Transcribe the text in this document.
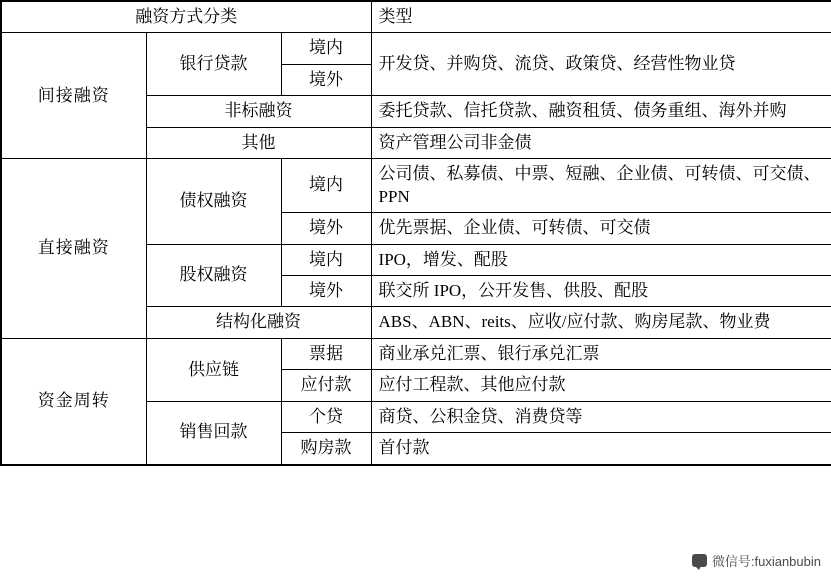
融资方式分类			类型
间接融资	银行贷款	境内	开发贷、并购贷、流贷、政策贷、经营性物业贷
		境外	

	非标融资		委托贷款、信托贷款、融资租赁、债务重组、海外并购
	其他		资产管理公司非金债
直接融资	债权融资	境内	公司债、私募债、中票、短融、企业债、可转债、可交债、PPN
		境外	优先票据、企业债、可转债、可交债
	股权融资	境内	IPO，增发、配股
		境外	联交所 IPO，公开发售、供股、配股
	结构化融资		ABS、ABN、reits、应收/应付款、购房尾款、物业费
资金周转	供应链	票据	商业承兑汇票、银行承兑汇票
		应付款	应付工程款、其他应付款
	销售回款	个贷	商贷、公积金贷、消费贷等
		购房款	首付款
微信号:fuxianbubin
